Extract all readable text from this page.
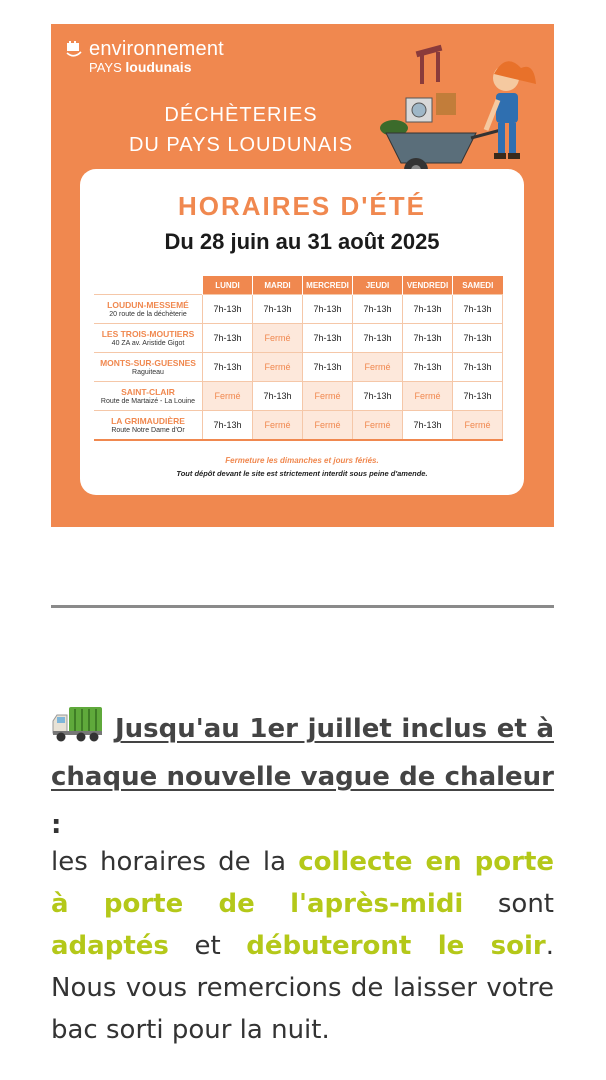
environnement
PAYS loudunais
DÉCHÈTERIES
DU PAYS LOUDUNAIS
HORAIRES D'ÉTÉ
Du 28 juin au 31 août 2025
	LUNDI	MARDI	MERCREDI	JEUDI	VENDREDI	SAMEDI

LOUDUN-MESSEMÉ
20 route de la déchèterie	7h-13h	7h-13h	7h-13h	7h-13h	7h-13h	7h-13h

LES TROIS-MOUTIERS
40 ZA av. Aristide Gigot	7h-13h	Fermé	7h-13h	7h-13h	7h-13h	7h-13h

MONTS-SUR-GUESNES
Raguiteau	7h-13h	Fermé	7h-13h	Fermé	7h-13h	7h-13h

SAINT-CLAIR
Route de Martaizé - La Louine	Fermé	7h-13h	Fermé	7h-13h	Fermé	7h-13h

LA GRIMAUDIÈRE
Route Notre Dame d'Or	7h-13h	Fermé	Fermé	Fermé	7h-13h	Fermé
Fermeture les dimanches et jours fériés.
Tout dépôt devant le site est strictement interdit sous peine d'amende.
Jusqu'au 1er juillet inclus et à chaque nouvelle vague de chaleur :
les horaires de la collecte en porte à porte de l'après-midi sont adaptés et débuteront le soir. Nous vous remercions de laisser votre bac sorti pour la nuit.
